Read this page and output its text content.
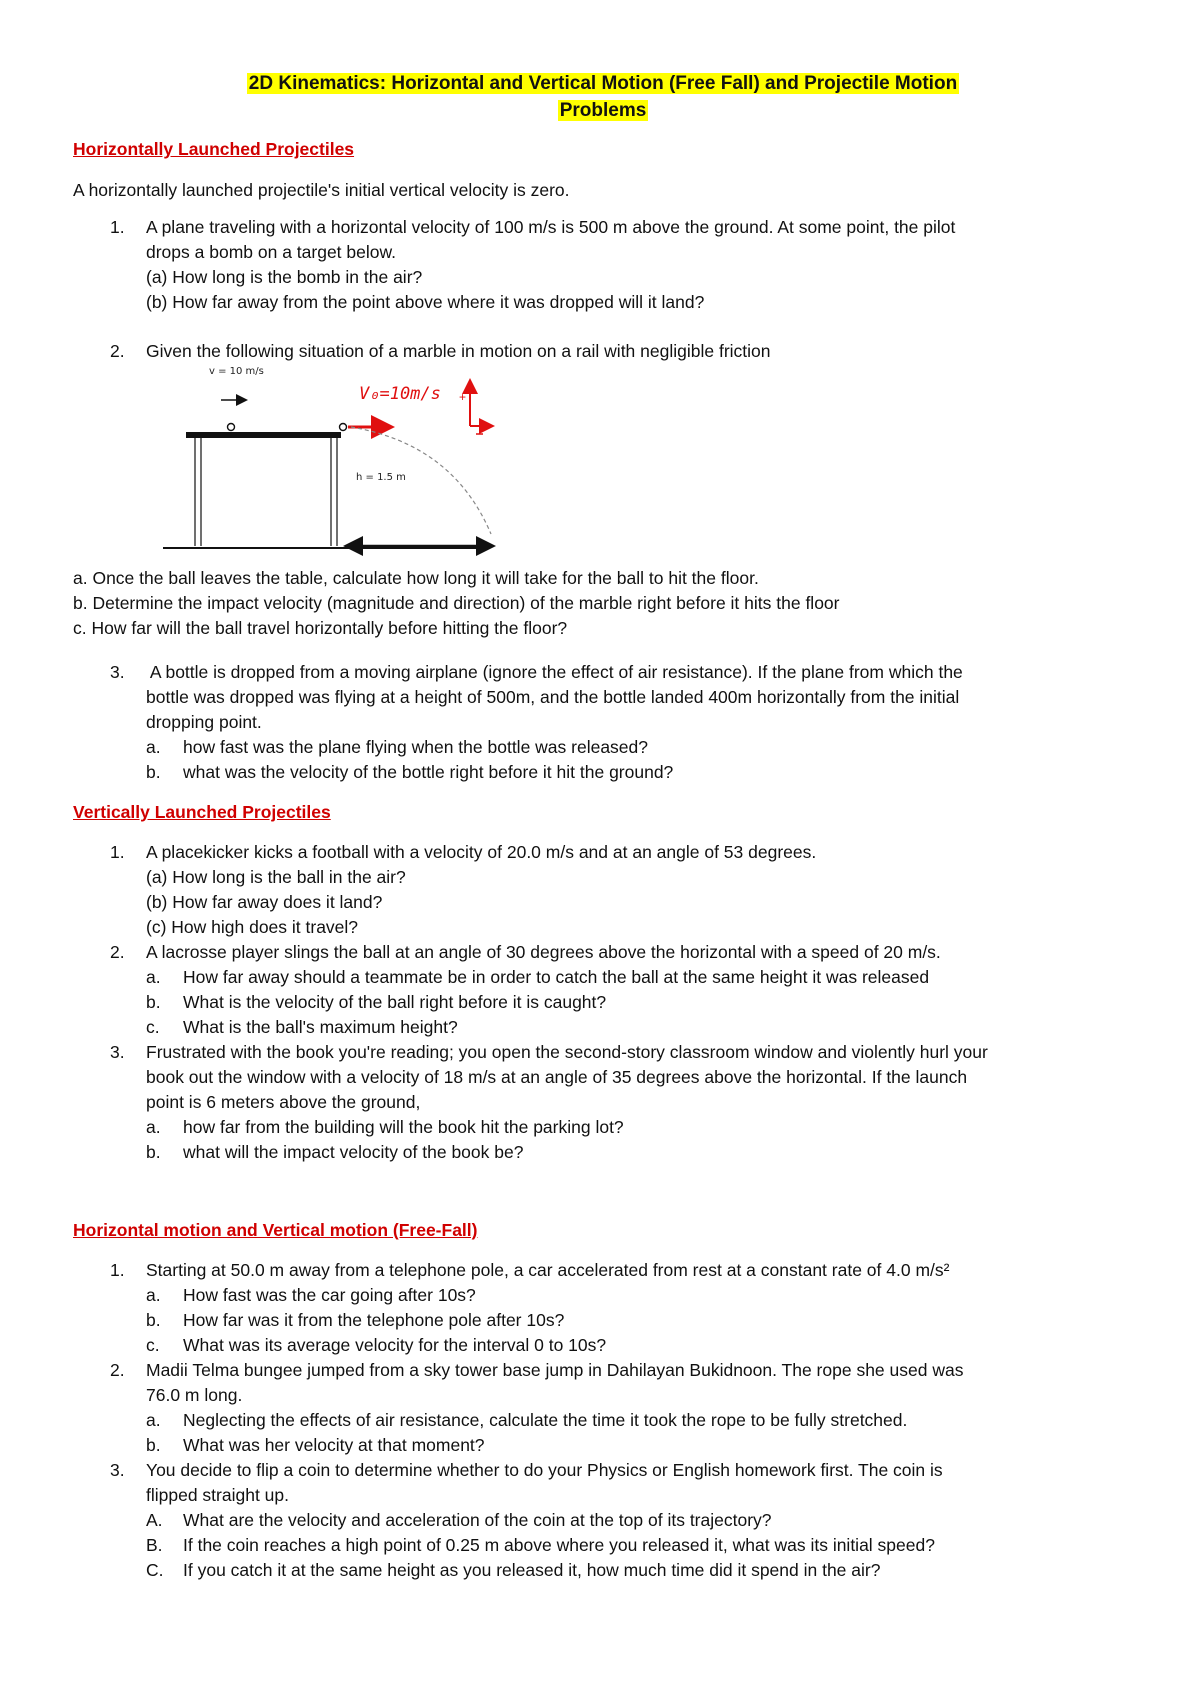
2D Kinematics: Horizontal and Vertical Motion (Free Fall) and Projectile Motion
Problems

Horizontally Launched Projectiles

A horizontally launched projectile's initial vertical velocity is zero.

1. A plane traveling with a horizontal velocity of 100 m/s is 500 m above the ground. At some point, the pilot
drops a bomb on a target below.
(a) How long is the bomb in the air?
(b) How far away from the point above where it was dropped will it land?
2. Given the following situation of a marble in motion on a rail with negligible friction
v = 10 m/s
V₀=10m/s
h = 1.5 m
+

a. Once the ball leaves the table, calculate how long it will take for the ball to hit the floor.

b. Determine the impact velocity (magnitude and direction) of the marble right before it hits the floor

c. How far will the ball travel horizontally before hitting the floor?

3. A bottle is dropped from a moving airplane (ignore the effect of air resistance). If the plane from which the
bottle was dropped was flying at a height of 500m, and the bottle landed 400m horizontally from the initial
dropping point.
a. how fast was the plane flying when the bottle was released?
b. what was the velocity of the bottle right before it hit the ground?

Vertically Launched Projectiles

1. A placekicker kicks a football with a velocity of 20.0 m/s and at an angle of 53 degrees.
(a) How long is the ball in the air?
(b) How far away does it land?
(c) How high does it travel?
2. A lacrosse player slings the ball at an angle of 30 degrees above the horizontal with a speed of 20 m/s.
a. How far away should a teammate be in order to catch the ball at the same height it was released
b. What is the velocity of the ball right before it is caught?
c. What is the ball's maximum height?
3. Frustrated with the book you're reading; you open the second-story classroom window and violently hurl your
book out the window with a velocity of 18 m/s at an angle of 35 degrees above the horizontal. If the launch
point is 6 meters above the ground,
a. how far from the building will the book hit the parking lot?
b. what will the impact velocity of the book be?

Horizontal motion and Vertical motion (Free-Fall)

1. Starting at 50.0 m away from a telephone pole, a car accelerated from rest at a constant rate of 4.0 m/s²
a. How fast was the car going after 10s?
b. How far was it from the telephone pole after 10s?
c. What was its average velocity for the interval 0 to 10s?
2. Madii Telma bungee jumped from a sky tower base jump in Dahilayan Bukidnoon. The rope she used was
76.0 m long.
a. Neglecting the effects of air resistance, calculate the time it took the rope to be fully stretched.
b. What was her velocity at that moment?
3. You decide to flip a coin to determine whether to do your Physics or English homework first. The coin is
flipped straight up.
A. What are the velocity and acceleration of the coin at the top of its trajectory?
B. If the coin reaches a high point of 0.25 m above where you released it, what was its initial speed?
C. If you catch it at the same height as you released it, how much time did it spend in the air?
